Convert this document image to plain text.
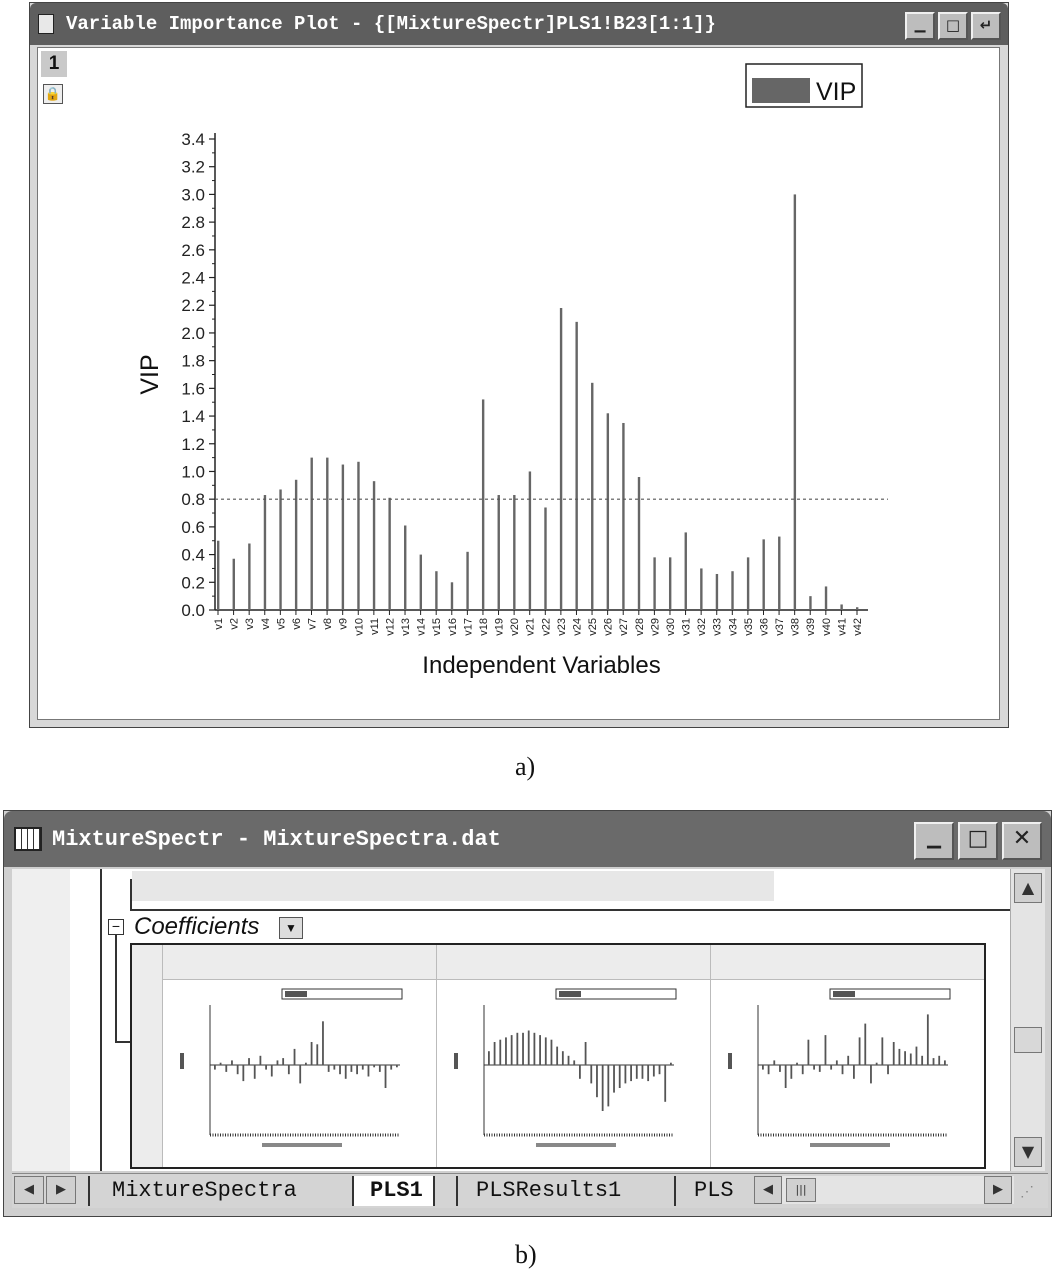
Variable Importance Plot - {[MixtureSpectr]PLS1!B23[1:1]}	▁	□	↵
1
🔒	VIP
0.0
0.2
0.4
0.6
0.8
1.0
1.2
1.4
1.6
1.8
2.0
2.2
2.4
2.6
2.8
3.0
3.2
3.4
v1 v2 v3 v4 v5 v6 v7 v8 v9 v10 v11 v12 v13 v14 v15 v16 v17 v18 v19 v20 v21 v22 v23 v24 v25 v26 v27 v28 v29 v30 v31 v32 v33 v34 v35 v36 v37 v38 v39 v40 v41 v42
VIP
Independent Variables
a)
MixtureSpectr - MixtureSpectra.dat	▁	□	✕
− Coefficients	▼
▲
▼
◀	▶	MixtureSpectra	PLS1	PLSResults1	PLS	◀	|||	▶	⋰
b)
